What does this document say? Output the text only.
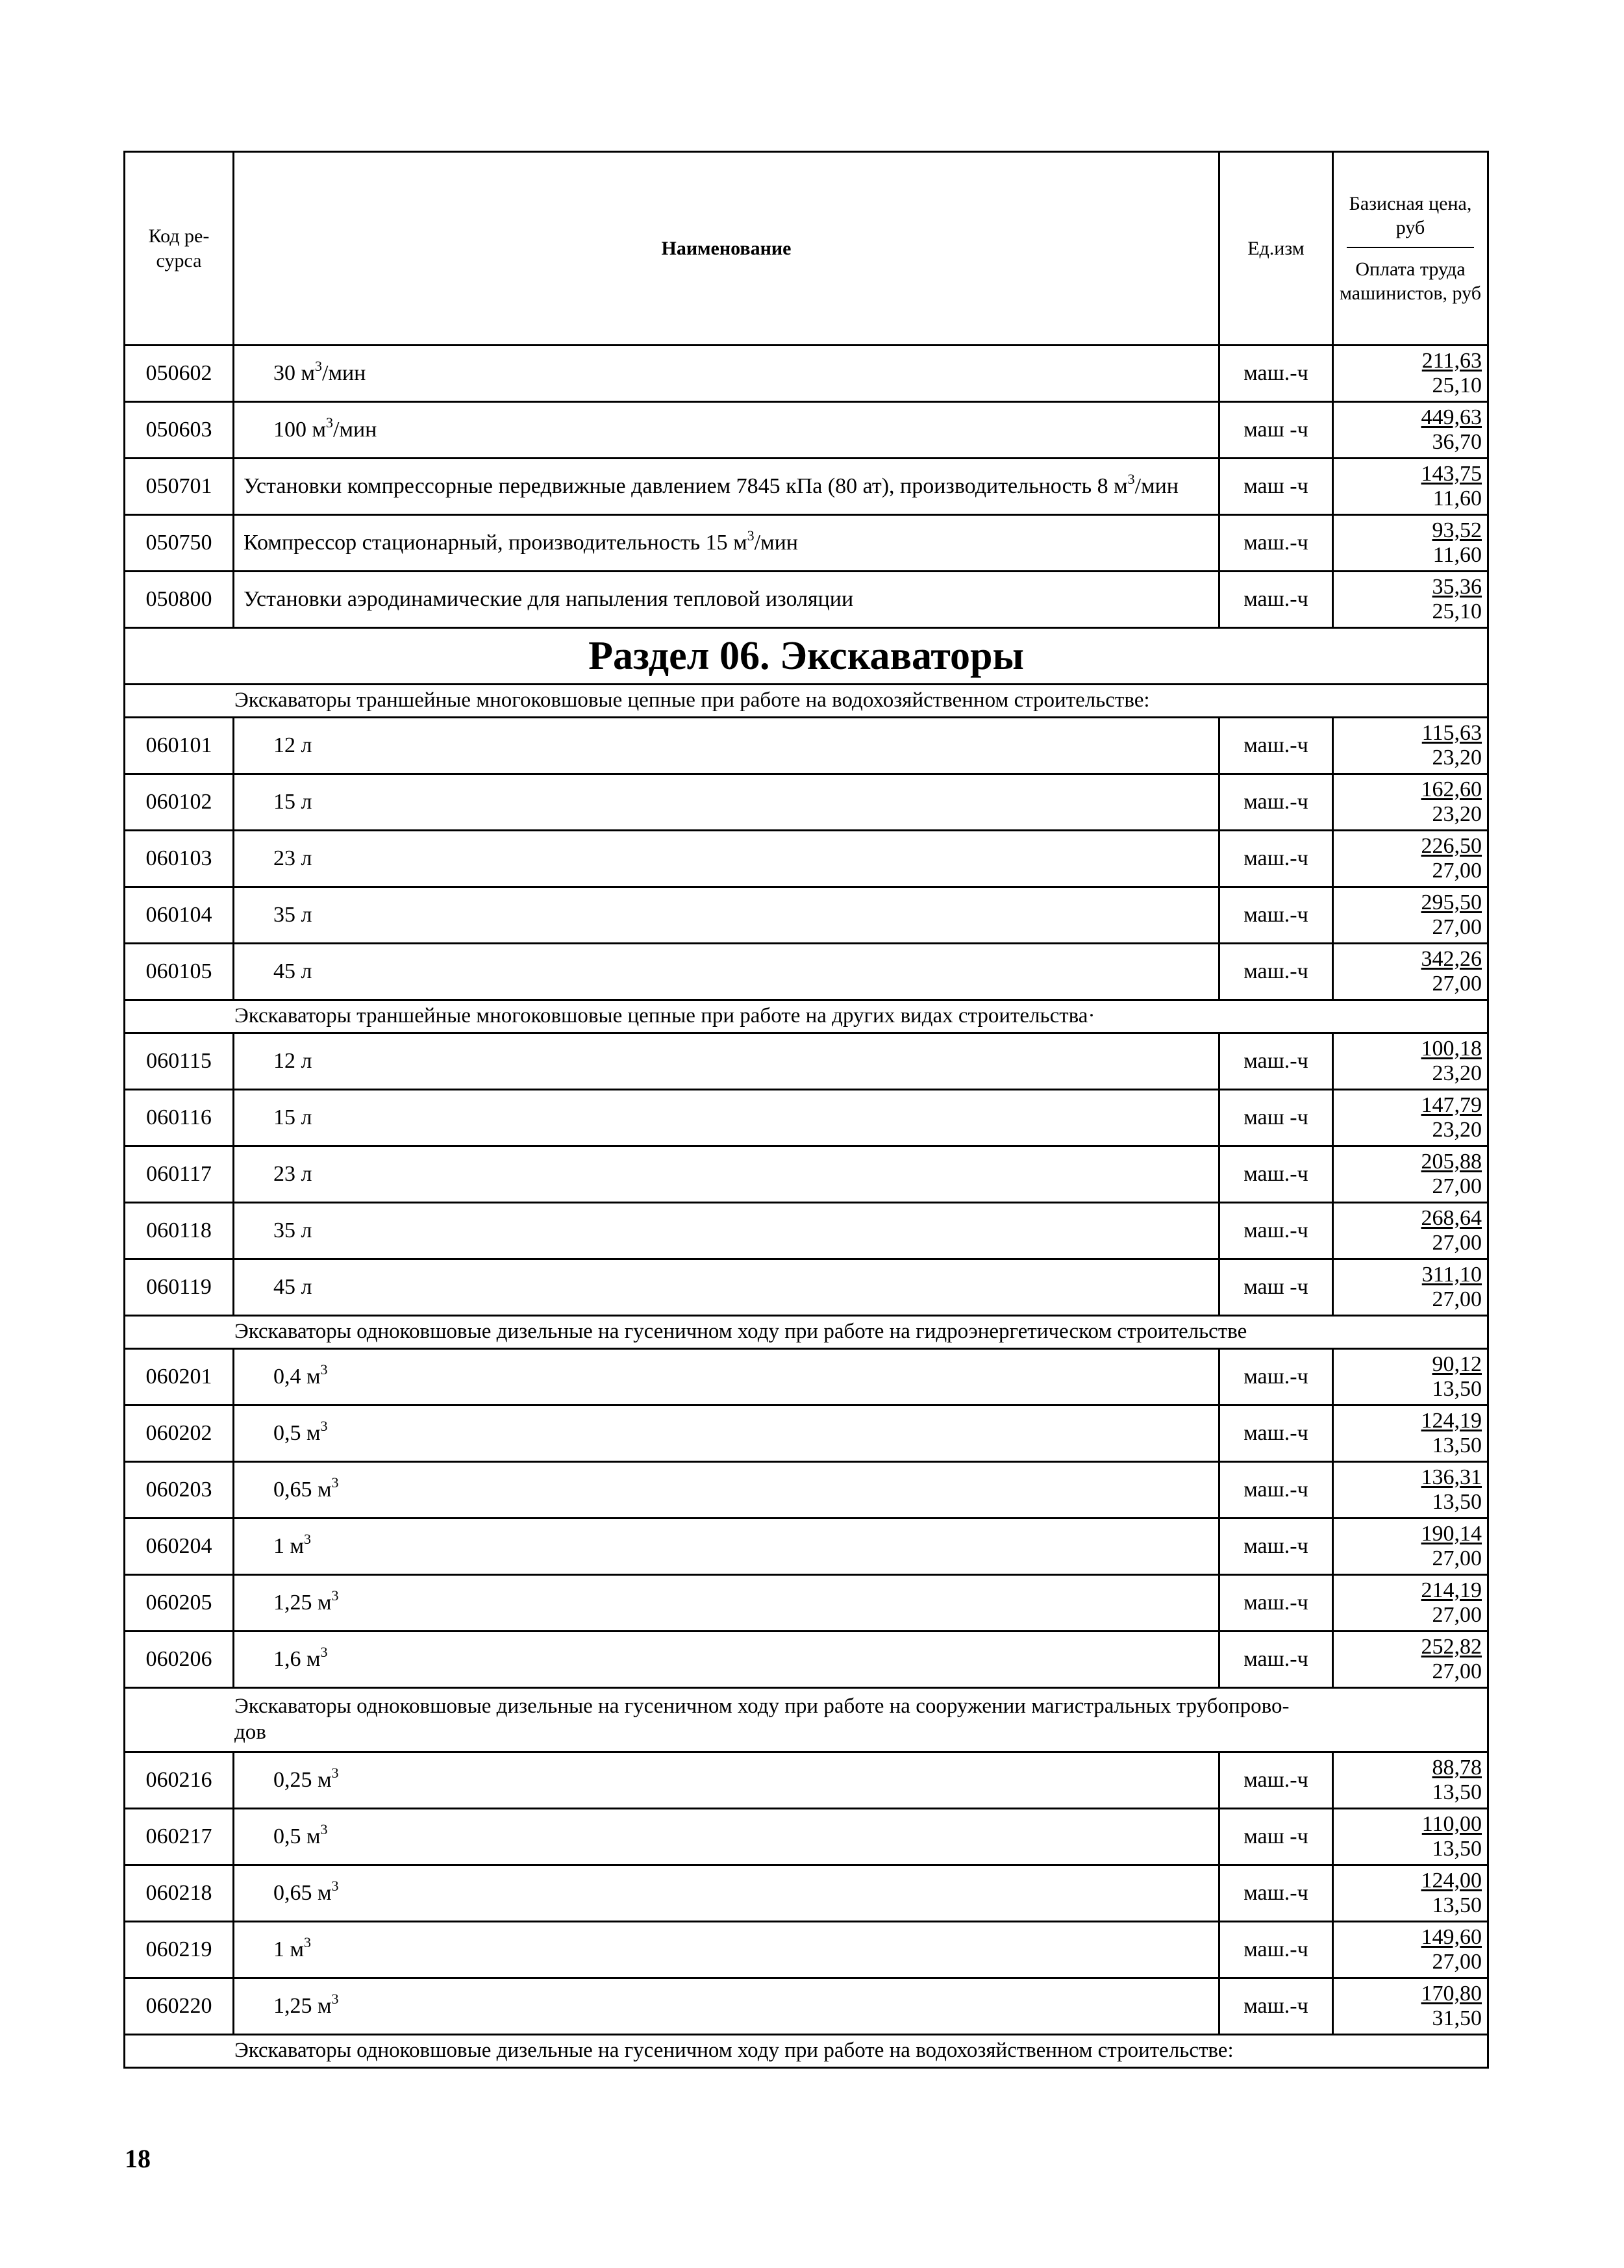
Код ре-
сурса	Наименование	Ед.изм	Базисная цена, руб
Оплата труда машинистов, руб

050602	30 $м^3$/мин	маш.-ч	211,63
25,10

050603	100 $м^3$/мин	маш -ч	449,63
36,70

050701	Установки компрессорные передвижные давлением 7845 кПа (80 ат), производительность 8 $м^3$/мин	маш -ч	143,75
11,60

050750	Компрессор стационарный, производительность 15 $м^3$/мин	маш.-ч	93,52
11,60

050800	Установки аэродинамические для напыления тепловой изоляции	маш.-ч	35,36
25,10

Раздел 06. Экскаваторы			
Экскаваторы траншейные многоковшовые цепные при работе на водохозяйственном строительстве:			
060101	12 л	маш.-ч	115,63
23,20

060102	15 л	маш.-ч	162,60
23,20

060103	23 л	маш.-ч	226,50
27,00

060104	35 л	маш.-ч	295,50
27,00

060105	45 л	маш.-ч	342,26
27,00

Экскаваторы траншейные многоковшовые цепные при работе на других видах строительства·			
060115	12 л	маш.-ч	100,18
23,20

060116	15 л	маш -ч	147,79
23,20

060117	23 л	маш.-ч	205,88
27,00

060118	35 л	маш.-ч	268,64
27,00

060119	45 л	маш -ч	311,10
27,00

Экскаваторы одноковшовые дизельные на гусеничном ходу при работе на гидроэнергетическом строительстве			
060201	0,4 $м^3$	маш.-ч	90,12
13,50

060202	0,5 $м^3$	маш.-ч	124,19
13,50

060203	0,65 $м^3$	маш.-ч	136,31
13,50

060204	1 $м^3$	маш.-ч	190,14
27,00

060205	1,25 $м^3$	маш.-ч	214,19
27,00

060206	1,6 $м^3$	маш.-ч	252,82
27,00

Экскаваторы одноковшовые дизельные на гусеничном ходу при работе на сооружении магистральных трубопрово-
дов			
060216	0,25 $м^3$	маш.-ч	88,78
13,50

060217	0,5 $м^3$	маш -ч	110,00
13,50

060218	0,65 $м^3$	маш.-ч	124,00
13,50

060219	1 $м^3$	маш.-ч	149,60
27,00

060220	1,25 $м^3$	маш.-ч	170,80
31,50

Экскаваторы одноковшовые дизельные на гусеничном ходу при работе на водохозяйственном строительстве:			
18
